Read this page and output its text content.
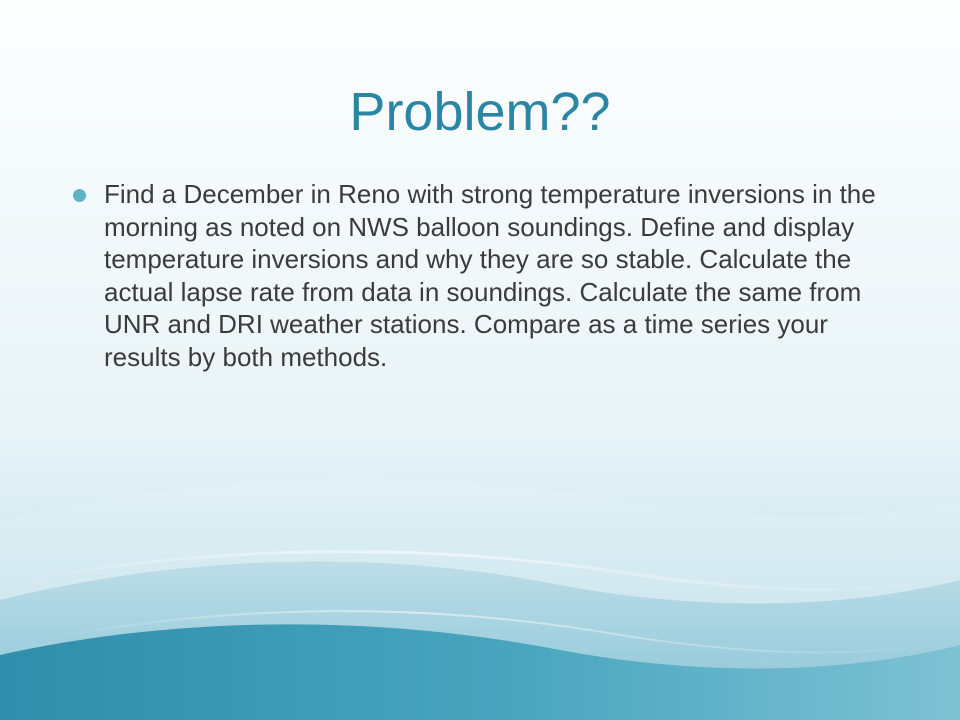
Problem??
Find a December in Reno with strong temperature inversions in the morning as noted on NWS balloon soundings. Define and display temperature inversions and why they are so stable. Calculate the actual lapse rate from data in soundings. Calculate the same from UNR and DRI weather stations. Compare as a time series your results by both methods.
